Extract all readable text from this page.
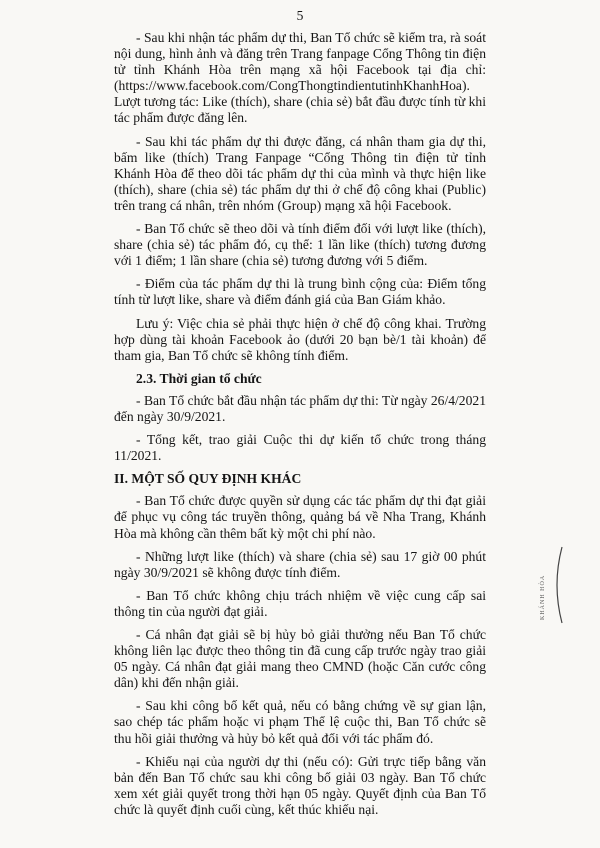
5

- Sau khi nhận tác phẩm dự thi, Ban Tổ chức sẽ kiểm tra, rà soát nội dung, hình ảnh và đăng trên Trang fanpage Cổng Thông tin điện tử tỉnh Khánh Hòa trên mạng xã hội Facebook tại địa chỉ: (https://www.facebook.com/CongThongtindientutinhKhanhHoa). Lượt tương tác: Like (thích), share (chia sẻ) bắt đầu được tính từ khi tác phẩm được đăng lên.

- Sau khi tác phẩm dự thi được đăng, cá nhân tham gia dự thi, bấm like (thích) Trang Fanpage “Cổng Thông tin điện tử tỉnh Khánh Hòa để theo dõi tác phẩm dự thi của mình và thực hiện like (thích), share (chia sẻ) tác phẩm dự thi ở chế độ công khai (Public) trên trang cá nhân, trên nhóm (Group) mạng xã hội Facebook.

- Ban Tổ chức sẽ theo dõi và tính điểm đối với lượt like (thích), share (chia sẻ) tác phẩm đó, cụ thể: 1 lần like (thích) tương đương với 1 điểm; 1 lần share (chia sẻ) tương đương với 5 điểm.

- Điểm của tác phẩm dự thi là trung bình cộng của: Điểm tổng tính từ lượt like, share và điểm đánh giá của Ban Giám khảo.

Lưu ý: Việc chia sẻ phải thực hiện ở chế độ công khai. Trường hợp dùng tài khoản Facebook ảo (dưới 20 bạn bè/1 tài khoản) để tham gia, Ban Tổ chức sẽ không tính điểm.

2.3. Thời gian tổ chức

- Ban Tổ chức bắt đầu nhận tác phẩm dự thi: Từ ngày 26/4/2021 đến ngày 30/9/2021.

- Tổng kết, trao giải Cuộc thi dự kiến tổ chức trong tháng 11/2021.

II. MỘT SỐ QUY ĐỊNH KHÁC

- Ban Tổ chức được quyền sử dụng các tác phẩm dự thi đạt giải để phục vụ công tác truyền thông, quảng bá về Nha Trang, Khánh Hòa mà không cần thêm bất kỳ một chi phí nào.

- Những lượt like (thích) và share (chia sẻ) sau 17 giờ 00 phút ngày 30/9/2021 sẽ không được tính điểm.

- Ban Tổ chức không chịu trách nhiệm về việc cung cấp sai thông tin của người đạt giải.

- Cá nhân đạt giải sẽ bị hủy bỏ giải thưởng nếu Ban Tổ chức không liên lạc được theo thông tin đã cung cấp trước ngày trao giải 05 ngày. Cá nhân đạt giải mang theo CMND (hoặc Căn cước công dân) khi đến nhận giải.

- Sau khi công bố kết quả, nếu có bằng chứng về sự gian lận, sao chép tác phẩm hoặc vi phạm Thể lệ cuộc thi, Ban Tổ chức sẽ thu hồi giải thưởng và hủy bỏ kết quả đối với tác phẩm đó.

- Khiếu nại của người dự thi (nếu có): Gửi trực tiếp bằng văn bản đến Ban Tổ chức sau khi công bố giải 03 ngày. Ban Tổ chức xem xét giải quyết trong thời hạn 05 ngày. Quyết định của Ban Tổ chức là quyết định cuối cùng, kết thúc khiếu nại.

KHÁNH HÒA
